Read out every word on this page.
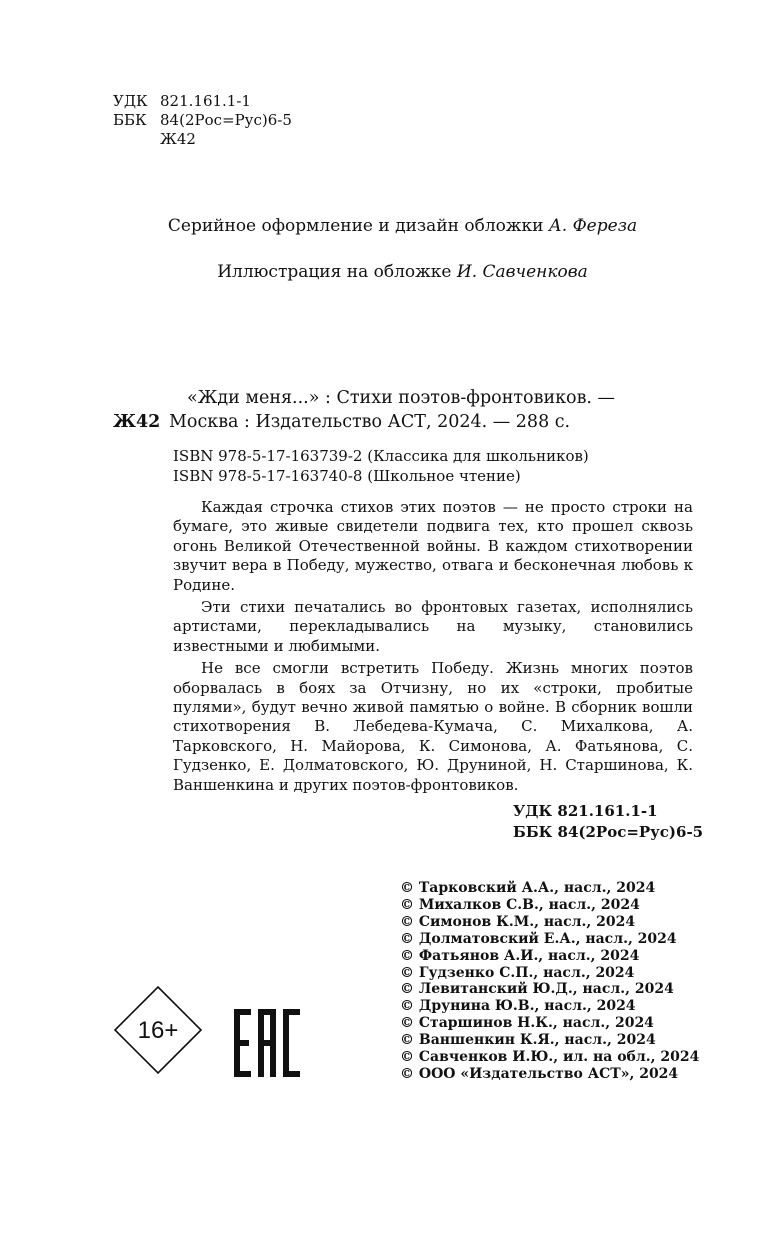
УДК 821.161.1-1
ББК 84(2Рос=Рус)6-5
Ж42
Серийное оформление и дизайн обложки А. Фереза
Иллюстрация на обложке И. Савченкова
«Жди меня...» : Стихи поэтов-фронтовиков. —
Ж42 Москва : Издательство АСТ, 2024. — 288 с.
ISBN 978-5-17-163739-2 (Классика для школьников)
ISBN 978-5-17-163740-8 (Школьное чтение)

Каждая строчка стихов этих поэтов — не просто строки на бумаге, это живые свидетели подвига тех, кто прошел сквозь огонь Великой Отечественной войны. В каждом стихотворении звучит вера в Победу, мужество, отвага и бесконечная любовь к Родине.

Эти стихи печатались во фронтовых газетах, исполнялись артистами, перекладывались на музыку, становились известными и любимыми.

Не все смогли встретить Победу. Жизнь многих поэтов оборвалась в боях за Отчизну, но их «строки, пробитые пулями», будут вечно живой памятью о войне. В сборник вошли стихотворения В. Лебедева-Кумача, С. Михалкова, А. Тарковского, Н. Майорова, К. Симонова, А. Фатьянова, С. Гудзенко, Е. Долматовского, Ю. Друниной, Н. Старшинова, К. Ваншенкина и других поэтов-фронтовиков.

УДК 821.161.1-1
ББК 84(2Рос=Рус)6-5
© Тарковский А.А., насл., 2024
© Михалков С.В., насл., 2024
© Симонов К.М., насл., 2024
© Долматовский Е.А., насл., 2024
© Фатьянов А.И., насл., 2024
© Гудзенко С.П., насл., 2024
© Левитанский Ю.Д., насл., 2024
© Друнина Ю.В., насл., 2024
© Старшинов Н.К., насл., 2024
© Ваншенкин К.Я., насл., 2024
© Савченков И.Ю., ил. на обл., 2024
© ООО «Издательство АСТ», 2024
16+
